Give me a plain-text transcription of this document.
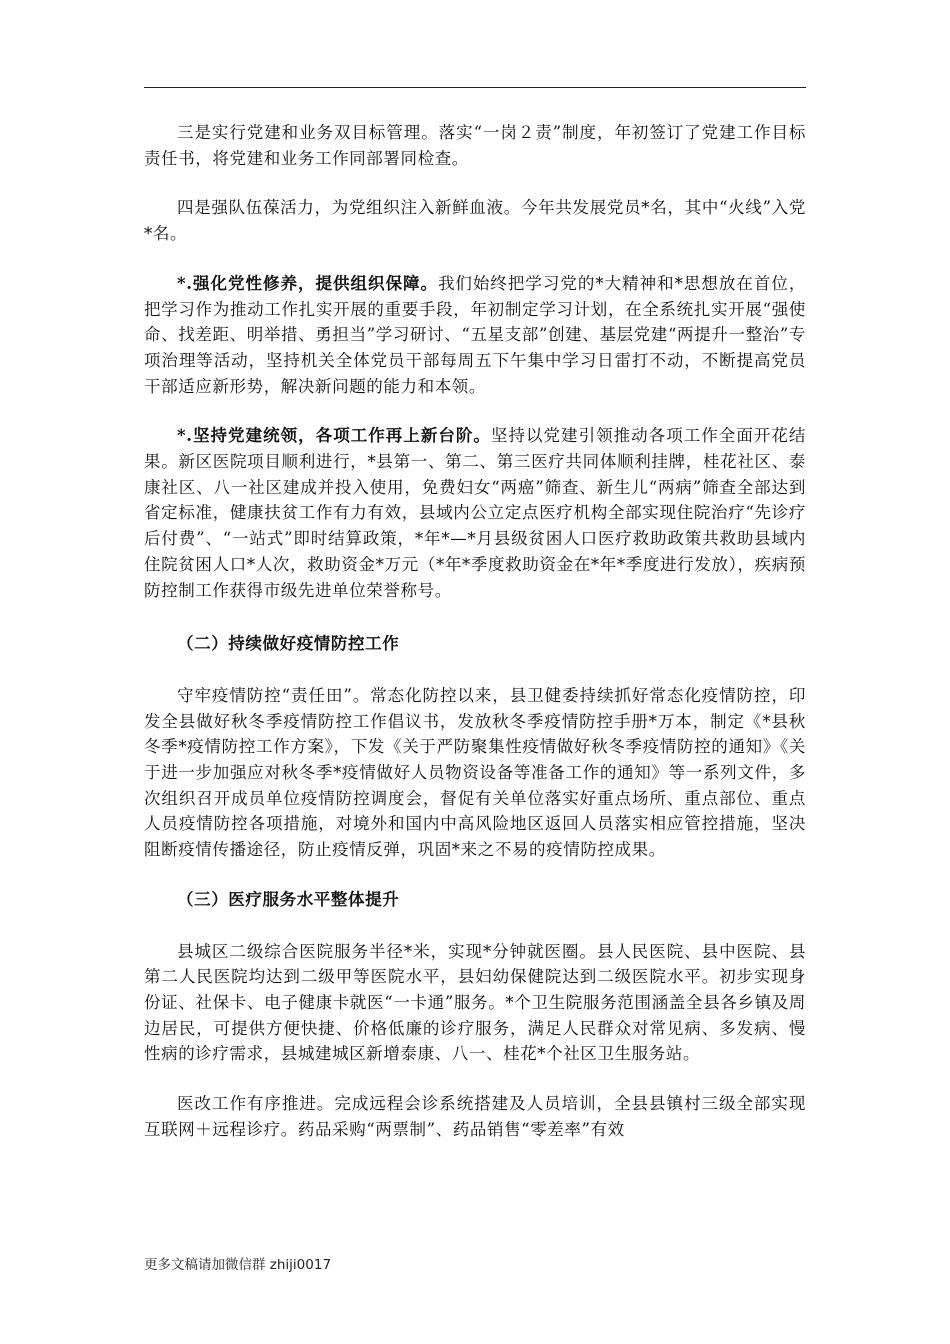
三是实行党建和业务双目标管理。落实“一岗２责”制度，年初签订了党建工作目标责任书，将党建和业务工作同部署同检查。

四是强队伍葆活力，为党组织注入新鲜血液。今年共发展党员*名，其中“火线”入党*名。

*.强化党性修养，提供组织保障。我们始终把学习党的*大精神和*思想放在首位，把学习作为推动工作扎实开展的重要手段，年初制定学习计划，在全系统扎实开展“强使命、找差距、明举措、勇担当”学习研讨、“五星支部”创建、基层党建“两提升一整治”专项治理等活动，坚持机关全体党员干部每周五下午集中学习日雷打不动，不断提高党员干部适应新形势，解决新问题的能力和本领。

*.坚持党建统领，各项工作再上新台阶。坚持以党建引领推动各项工作全面开花结果。新区医院项目顺利进行，*县第一、第二、第三医疗共同体顺利挂牌，桂花社区、泰康社区、八一社区建成并投入使用，免费妇女“两癌”筛查、新生儿“两病”筛查全部达到省定标准，健康扶贫工作有力有效，县域内公立定点医疗机构全部实现住院治疗“先诊疗后付费”、“一站式”即时结算政策，*年*—*月县级贫困人口医疗救助政策共救助县域内住院贫困人口*人次，救助资金*万元（*年*季度救助资金在*年*季度进行发放），疾病预防控制工作获得市级先进单位荣誉称号。

（二）持续做好疫情防控工作

守牢疫情防控“责任田”。常态化防控以来，县卫健委持续抓好常态化疫情防控，印发全县做好秋冬季疫情防控工作倡议书，发放秋冬季疫情防控手册*万本，制定《*县秋冬季*疫情防控工作方案》，下发《关于严防聚集性疫情做好秋冬季疫情防控的通知》《关于进一步加强应对秋冬季*疫情做好人员物资设备等准备工作的通知》等一系列文件，多次组织召开成员单位疫情防控调度会，督促有关单位落实好重点场所、重点部位、重点人员疫情防控各项措施，对境外和国内中高风险地区返回人员落实相应管控措施，坚决阻断疫情传播途径，防止疫情反弹，巩固*来之不易的疫情防控成果。

（三）医疗服务水平整体提升

县城区二级综合医院服务半径*米，实现*分钟就医圈。县人民医院、县中医院、县第二人民医院均达到二级甲等医院水平，县妇幼保健院达到二级医院水平。初步实现身份证、社保卡、电子健康卡就医“一卡通”服务。*个卫生院服务范围涵盖全县各乡镇及周边居民，可提供方便快捷、价格低廉的诊疗服务，满足人民群众对常见病、多发病、慢性病的诊疗需求，县城建城区新增泰康、八一、桂花*个社区卫生服务站。

医改工作有序推进。完成远程会诊系统搭建及人员培训，全县县镇村三级全部实现互联网＋远程诊疗。药品采购“两票制”、药品销售“零差率”有效

更多文稿请加微信群 zhiji0017
